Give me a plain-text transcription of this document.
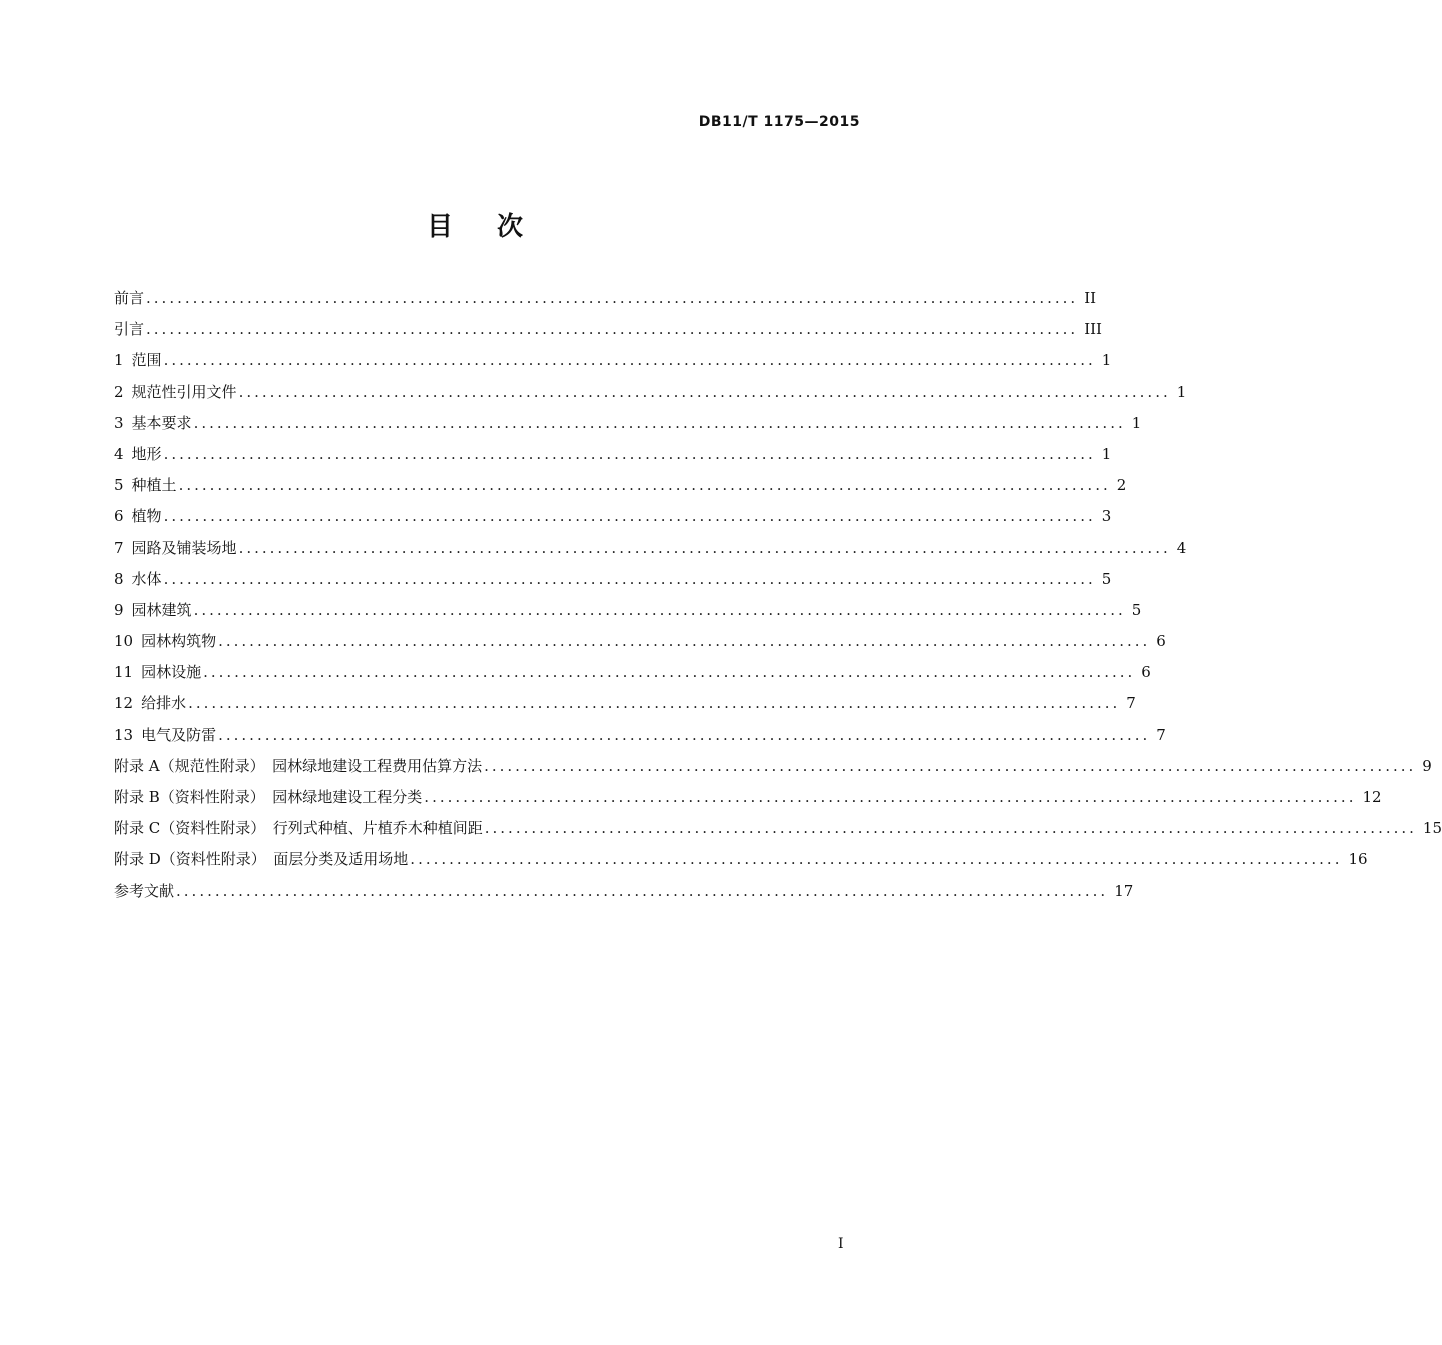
DB11/T 1175—2015
目次
前言 ........................................................................................................................ II
引言 ........................................................................................................................ III
1 范围 ........................................................................................................................ 1
2 规范性引用文件 ........................................................................................................................ 1
3 基本要求 ........................................................................................................................ 1
4 地形 ........................................................................................................................ 1
5 种植土 ........................................................................................................................ 2
6 植物 ........................................................................................................................ 3
7 园路及铺装场地 ........................................................................................................................ 4
8 水体 ........................................................................................................................ 5
9 园林建筑 ........................................................................................................................ 5
10 园林构筑物 ........................................................................................................................ 6
11 园林设施 ........................................................................................................................ 6
12 给排水 ........................................................................................................................ 7
13 电气及防雷 ........................................................................................................................ 7
附录 A（规范性附录）　园林绿地建设工程费用估算方法 ........................................................................................................................ 9
附录 B（资料性附录）　园林绿地建设工程分类 ........................................................................................................................ 12
附录 C（资料性附录）　行列式种植、片植乔木种植间距 ........................................................................................................................ 15
附录 D（资料性附录）　面层分类及适用场地 ........................................................................................................................ 16
参考文献 ........................................................................................................................ 17
I
